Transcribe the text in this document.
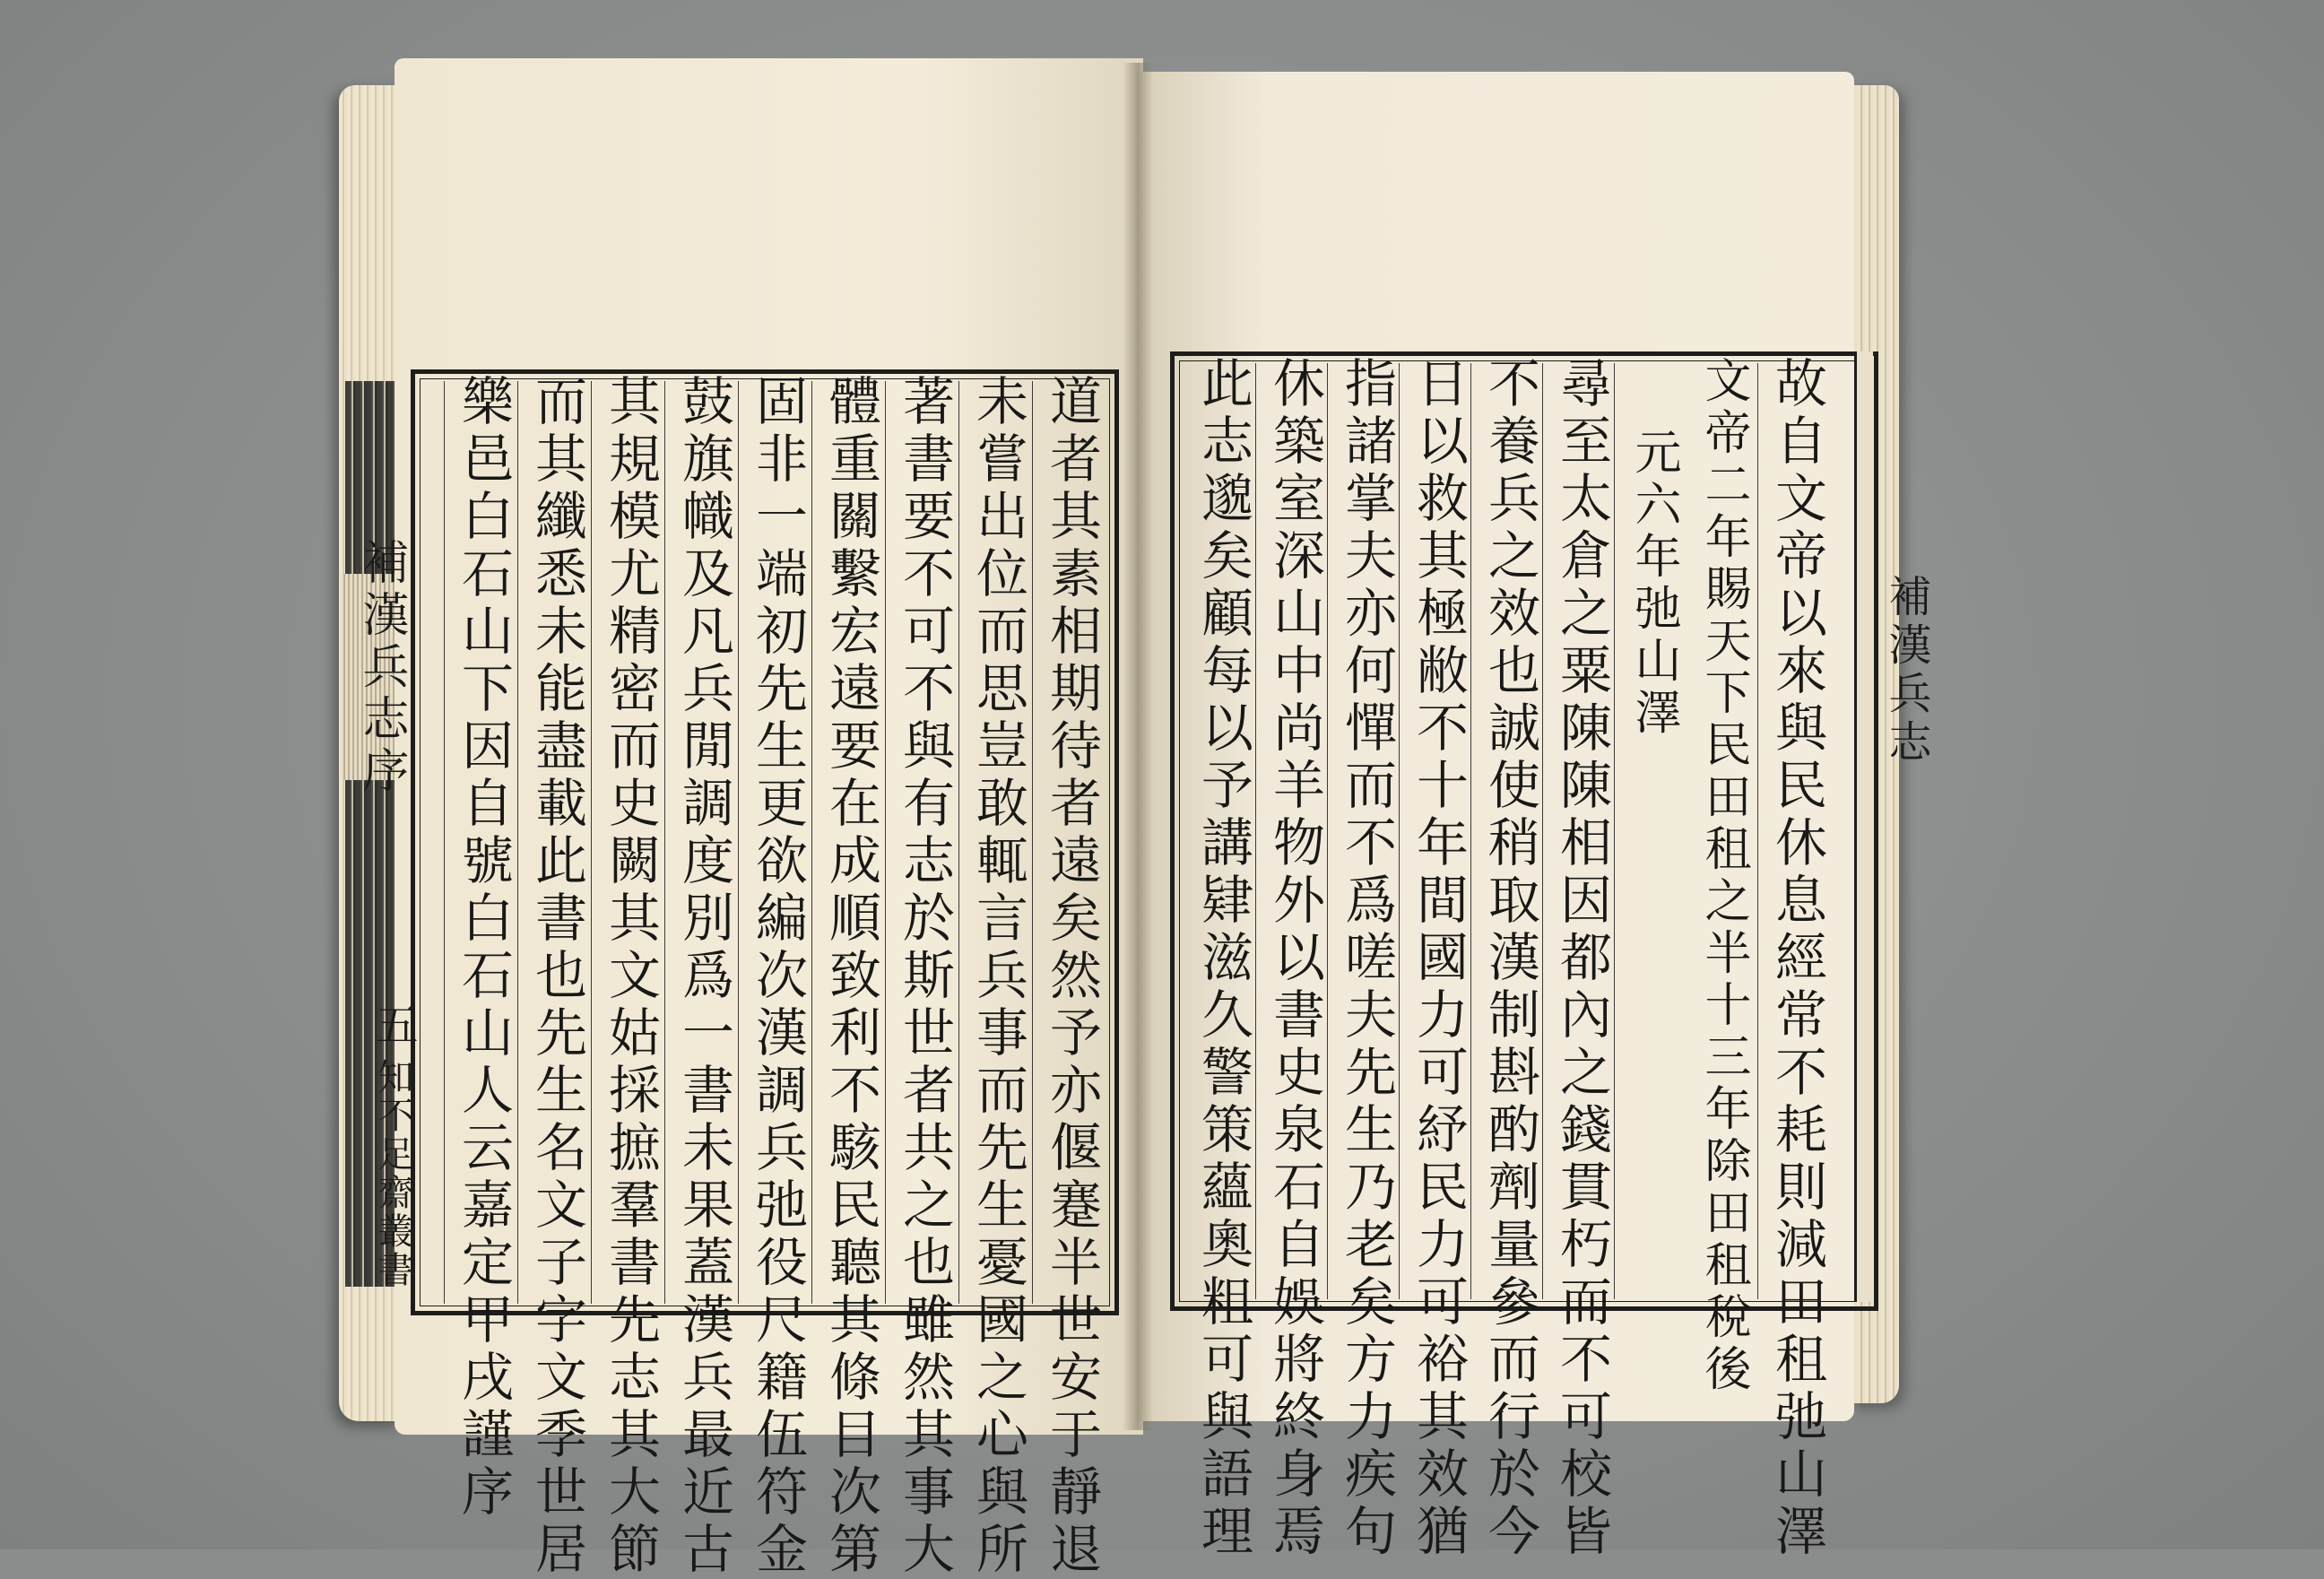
道者其素相期待者遠矣然予亦偃蹇半世安于靜退
未嘗出位而思豈敢輒言兵事而先生憂國之心與所
著書要不可不與有志於斯世者共之也雖然其事大
體重關繫宏遠要在成順致利不駭民聽其條目次第
固非一端初先生更欲編次漢調兵弛役尺籍伍符金
鼓旗幟及凡兵閒調度別爲一書未果蓋漢兵最近古
其規模尤精密而史闕其文姑採摭羣書先志其大節
而其纖悉未能盡載此書也先生名文子字文季世居
樂邑白石山下因自號白石山人云嘉定甲戌謹序
補漢兵志序
五
知不足齋叢書	故自文帝以來與民休息經常不耗則減田租弛山澤
文帝二年賜天下民田租之半十三年除田租稅後
元六年弛山澤
尋至太倉之粟陳陳相因都內之錢貫朽而不可校皆
不養兵之效也誠使稍取漢制斟酌劑量參而行於今
日以救其極敝不十年間國力可紓民力可裕其效猶
指諸掌夫亦何憚而不爲嗟夫先生乃老矣方力疾句
休築室深山中尚羊物外以書史泉石自娛將終身焉
此志邈矣顧每以予講肄滋久警策蘊奧粗可與語理	補漢兵志
